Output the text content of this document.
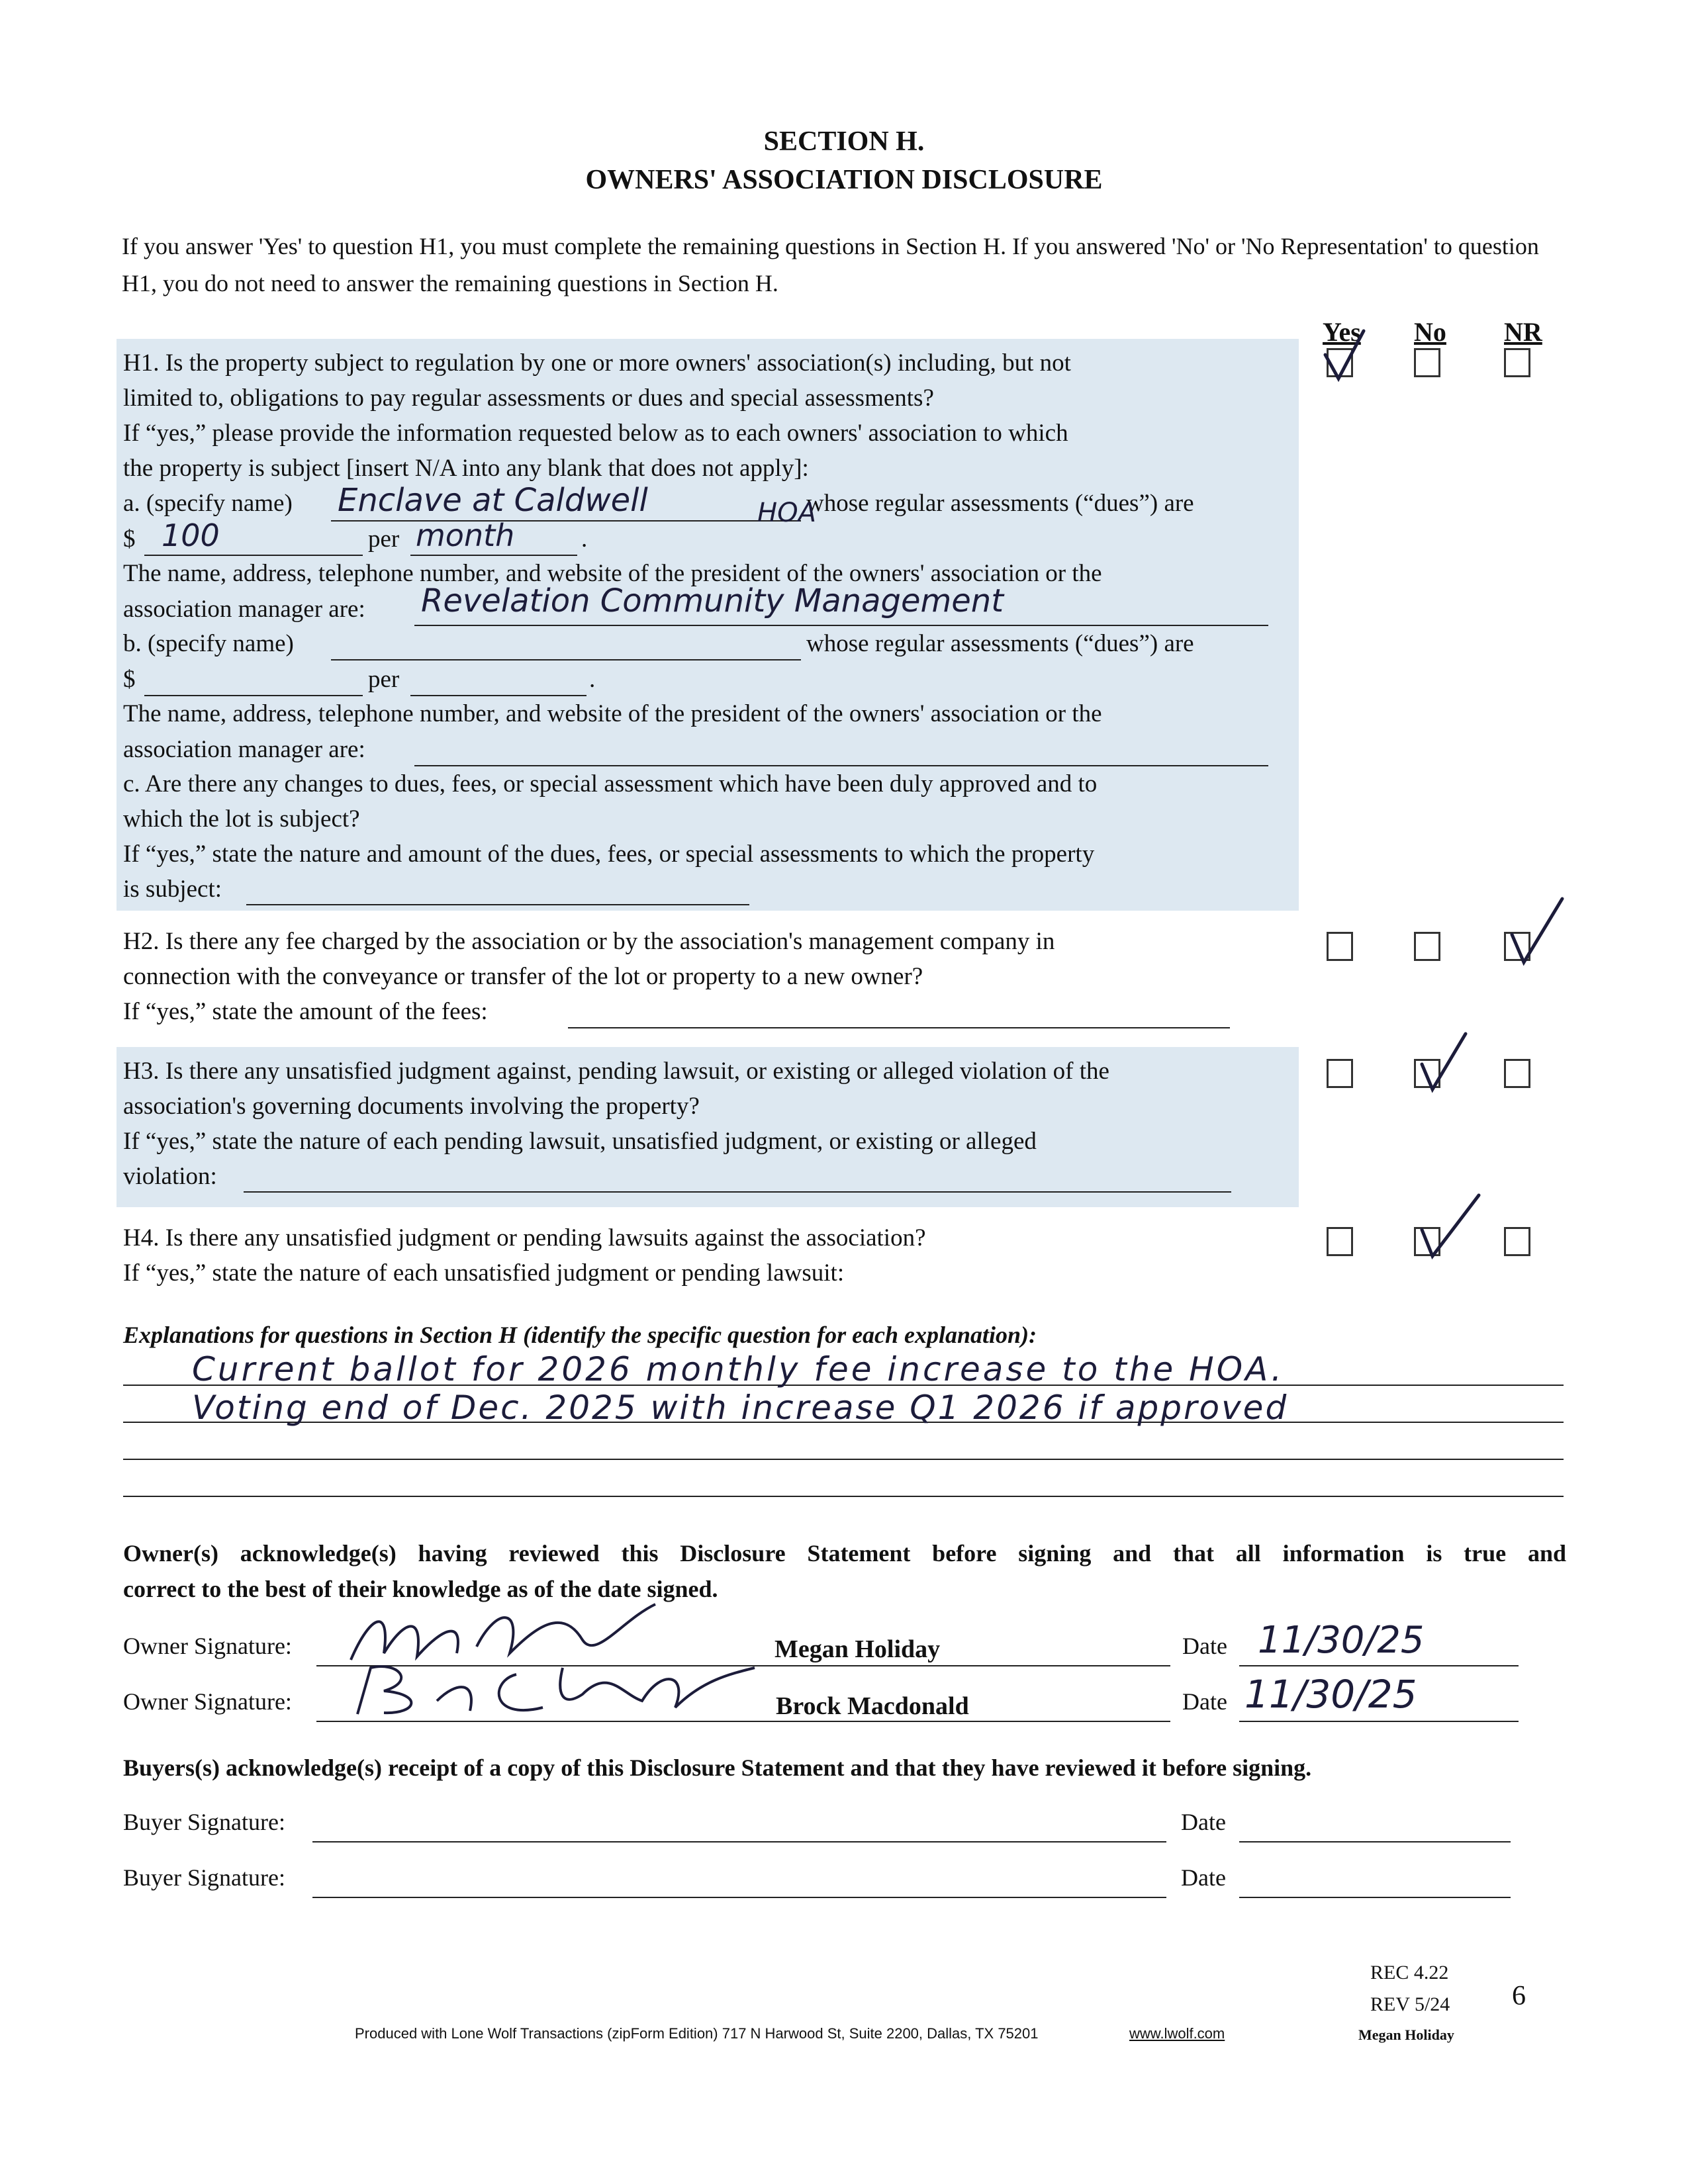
SECTION H.
OWNERS' ASSOCIATION DISCLOSURE
If you answer 'Yes' to question H1, you must complete the remaining questions in Section H. If you answered 'No' or 'No Representation' to question H1, you do not need to answer the remaining questions in Section H.
Yes No NR
H1. Is the property subject to regulation by one or more owners' association(s) including, but not
limited to, obligations to pay regular assessments or dues and special assessments?
If “yes,” please provide the information requested below as to each owners' association to which
the property is subject [insert N/A into any blank that does not apply]:
a. (specify name) Enclave at Caldwell	whose regular assessments (“dues”) are
$ 100	per month	.
HOA
The name, address, telephone number, and website of the president of the owners' association or the
association manager are: Revelation Community Management
b. (specify name)	whose regular assessments (“dues”) are
$	per	.
The name, address, telephone number, and website of the president of the owners' association or the
association manager are:
c. Are there any changes to dues, fees, or special assessment which have been duly approved and to
which the lot is subject?
If “yes,” state the nature and amount of the dues, fees, or special assessments to which the property
is subject:
H2. Is there any fee charged by the association or by the association's management company in
connection with the conveyance or transfer of the lot or property to a new owner?
If “yes,” state the amount of the fees:
H3. Is there any unsatisfied judgment against, pending lawsuit, or existing or alleged violation of the
association's governing documents involving the property?
If “yes,” state the nature of each pending lawsuit, unsatisfied judgment, or existing or alleged
violation:
H4. Is there any unsatisfied judgment or pending lawsuits against the association?
If “yes,” state the nature of each unsatisfied judgment or pending lawsuit:
Explanations for questions in Section H (identify the specific question for each explanation):
Current ballot for 2026 monthly fee increase to the HOA.
Voting end of Dec. 2025 with increase Q1 2026 if approved
Owner(s) acknowledge(s) having reviewed this Disclosure Statement before signing and that all information is true and
correct to the best of their knowledge as of the date signed.
Owner Signature:	Megan Holiday	Date 11/30/25
Owner Signature:	Brock Macdonald	Date 11/30/25
Buyers(s) acknowledge(s) receipt of a copy of this Disclosure Statement and that they have reviewed it before signing.
Buyer Signature:	Date
Buyer Signature:	Date
REC 4.22
REV 5/24 6
Produced with Lone Wolf Transactions (zipForm Edition) 717 N Harwood St, Suite 2200, Dallas, TX 75201	www.lwolf.com	Megan Holiday
